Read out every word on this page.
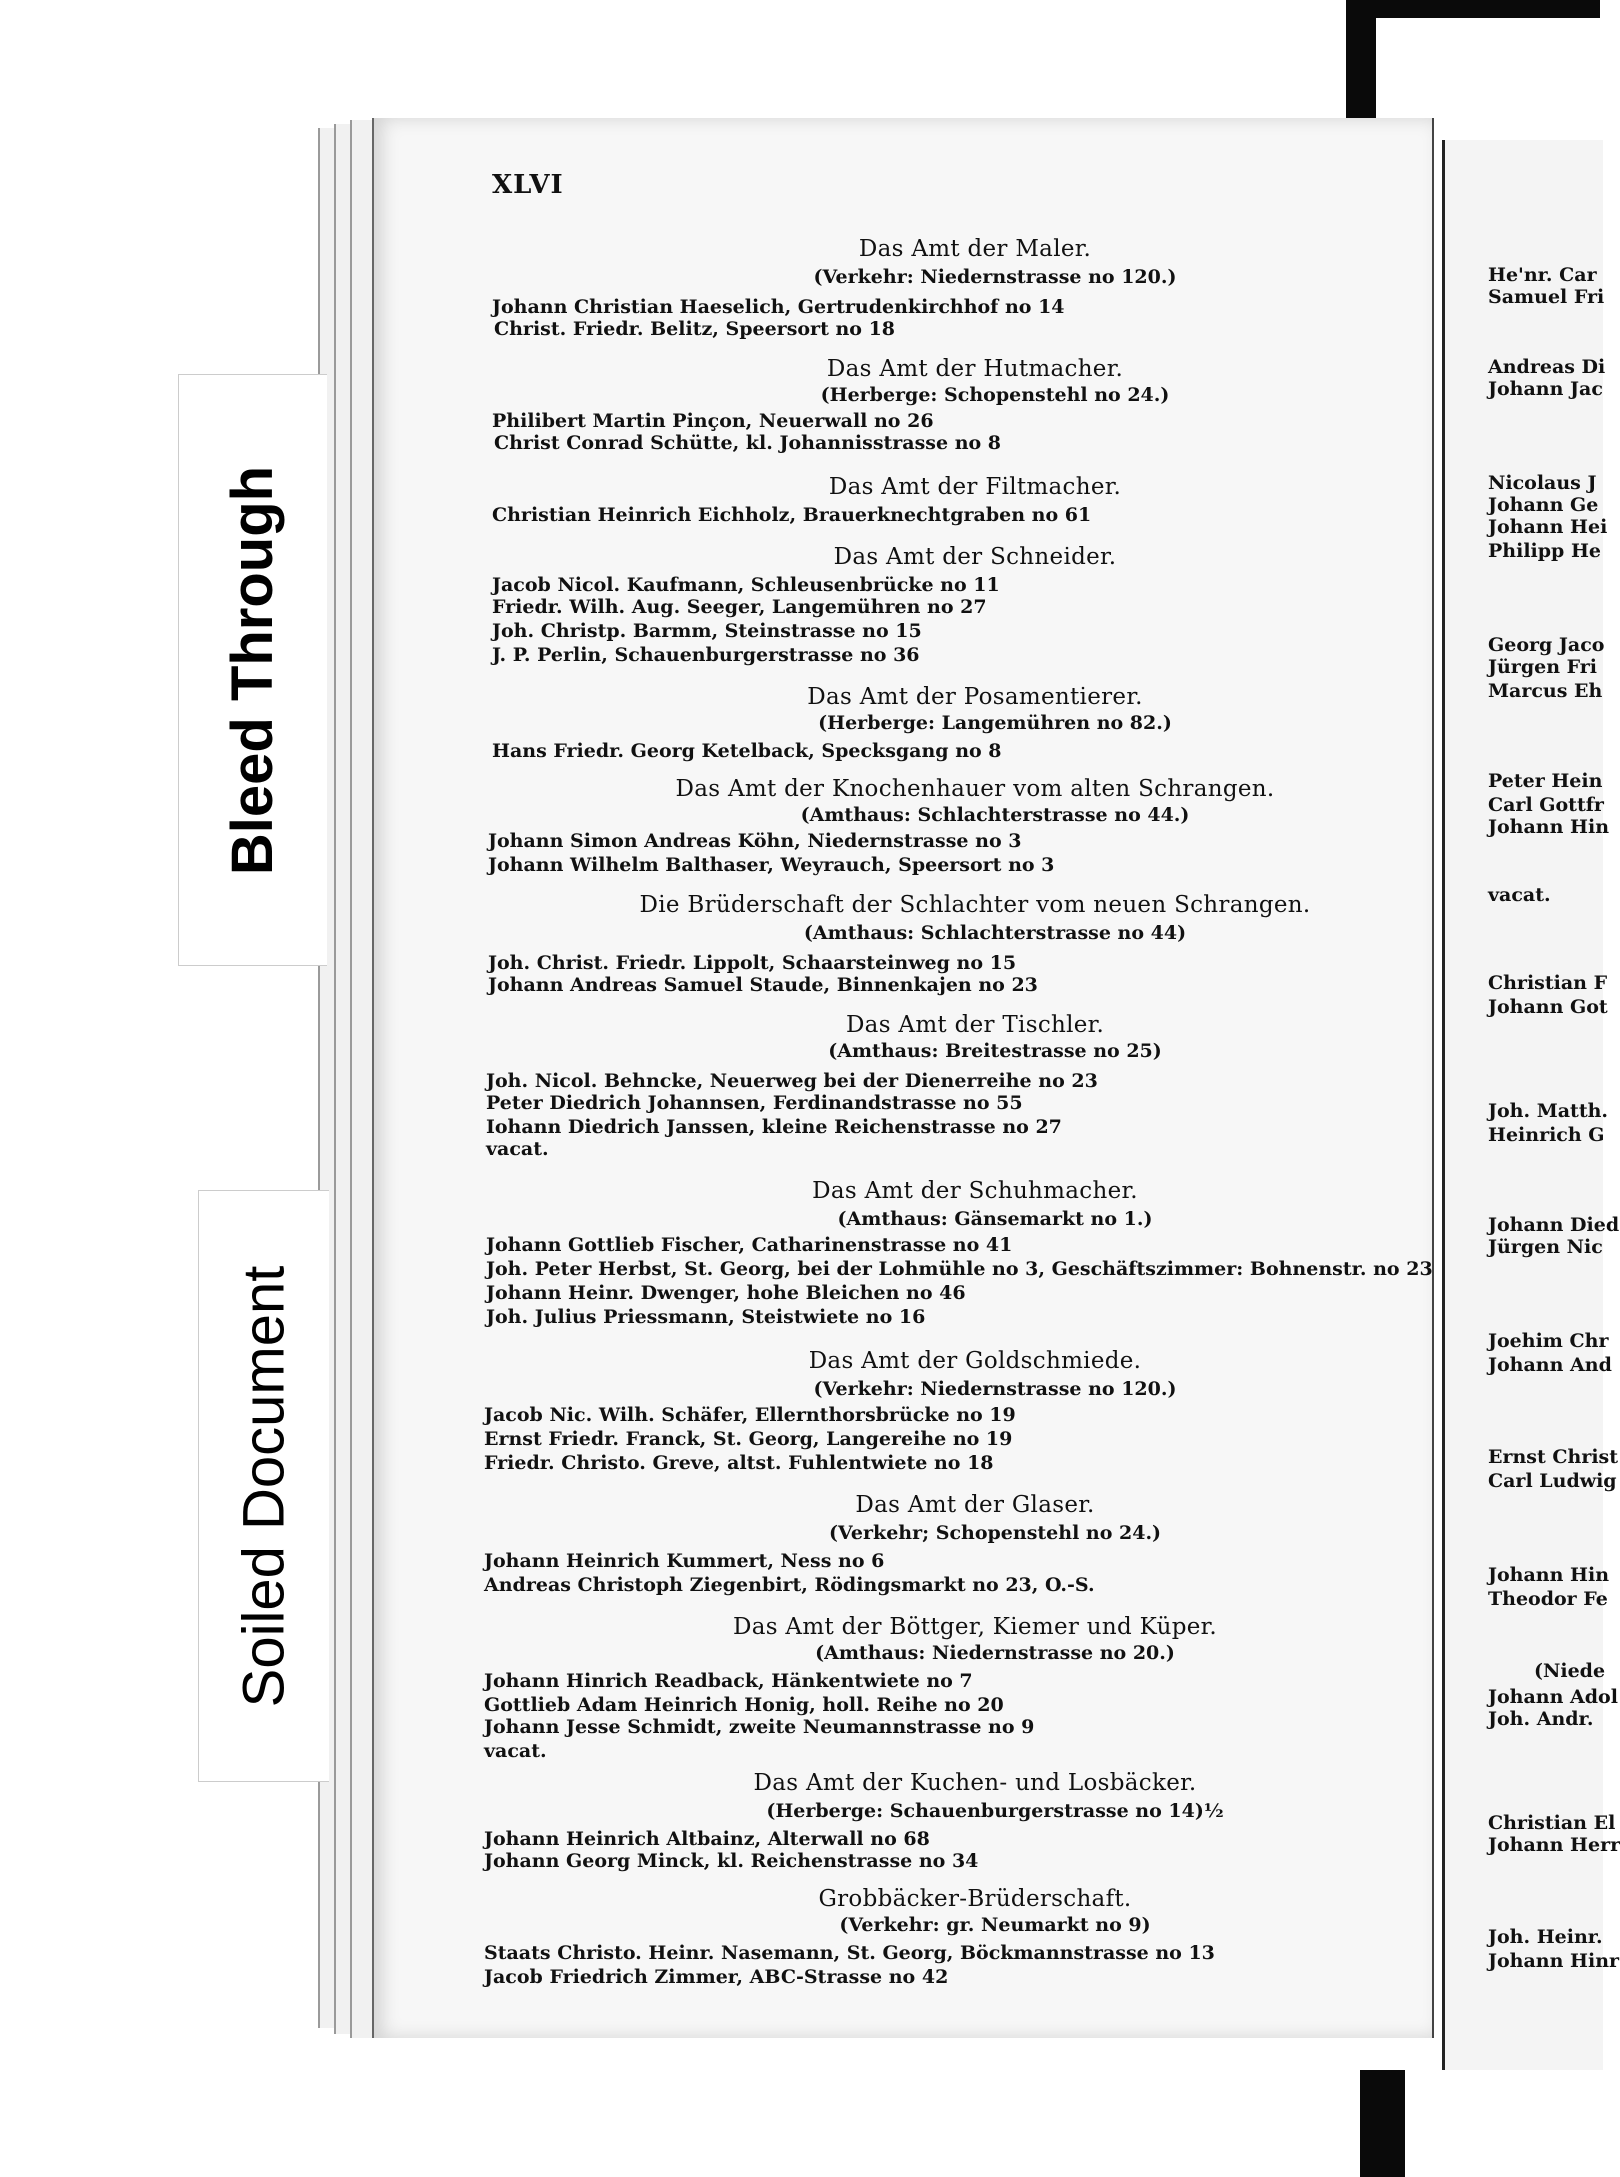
Bleed Through
Soiled Document
XLVI
Das Amt der Maler.
(Verkehr: Niedernstrasse no 120.)
Johann Christian Haeselich, Gertrudenkirchhof no 14
Christ. Friedr. Belitz, Speersort no 18
Das Amt der Hutmacher.
(Herberge: Schopenstehl no 24.)
Philibert Martin Pinçon, Neuerwall no 26
Christ Conrad Schütte, kl. Johannisstrasse no 8
Das Amt der Filtmacher.
Christian Heinrich Eichholz, Brauerknechtgraben no 61
Das Amt der Schneider.
Jacob Nicol. Kaufmann, Schleusenbrücke no 11
Friedr. Wilh. Aug. Seeger, Langemühren no 27
Joh. Christp. Barmm, Steinstrasse no 15
J. P. Perlin, Schauenburgerstrasse no 36
Das Amt der Posamentierer.
(Herberge: Langemühren no 82.)
Hans Friedr. Georg Ketelback, Specksgang no 8
Das Amt der Knochenhauer vom alten Schrangen.
(Amthaus: Schlachterstrasse no 44.)
Johann Simon Andreas Köhn, Niedernstrasse no 3
Johann Wilhelm Balthaser, Weyrauch, Speersort no 3
Die Brüderschaft der Schlachter vom neuen Schrangen.
(Amthaus: Schlachterstrasse no 44)
Joh. Christ. Friedr. Lippolt, Schaarsteinweg no 15
Johann Andreas Samuel Staude, Binnenkajen no 23
Das Amt der Tischler.
(Amthaus: Breitestrasse no 25)
Joh. Nicol. Behncke, Neuerweg bei der Dienerreihe no 23
Peter Diedrich Johannsen, Ferdinandstrasse no 55
Iohann Diedrich Janssen, kleine Reichenstrasse no 27
vacat.
Das Amt der Schuhmacher.
(Amthaus: Gänsemarkt no 1.)
Johann Gottlieb Fischer, Catharinenstrasse no 41
Joh. Peter Herbst, St. Georg, bei der Lohmühle no 3, Geschäftszimmer: Bohnenstr. no 23
Johann Heinr. Dwenger, hohe Bleichen no 46
Joh. Julius Priessmann, Steistwiete no 16
Das Amt der Goldschmiede.
(Verkehr: Niedernstrasse no 120.)
Jacob Nic. Wilh. Schäfer, Ellernthorsbrücke no 19
Ernst Friedr. Franck, St. Georg, Langereihe no 19
Friedr. Christo. Greve, altst. Fuhlentwiete no 18
Das Amt der Glaser.
(Verkehr; Schopenstehl no 24.)
Johann Heinrich Kummert, Ness no 6
Andreas Christoph Ziegenbirt, Rödingsmarkt no 23, O.-S.
Das Amt der Böttger, Kiemer und Küper.
(Amthaus: Niedernstrasse no 20.)
Johann Hinrich Readback, Hänkentwiete no 7
Gottlieb Adam Heinrich Honig, holl. Reihe no 20
Johann Jesse Schmidt, zweite Neumannstrasse no 9
vacat.
Das Amt der Kuchen- und Losbäcker.
(Herberge: Schauenburgerstrasse no 14)½
Johann Heinrich Altbainz, Alterwall no 68
Johann Georg Minck, kl. Reichenstrasse no 34
Grobbäcker-Brüderschaft.
(Verkehr: gr. Neumarkt no 9)
Staats Christo. Heinr. Nasemann, St. Georg, Böckmannstrasse no 13
Jacob Friedrich Zimmer, ABC-Strasse no 42
He'nr. Car
Samuel Fri
Andreas Di
Johann Jac
Nicolaus J
Johann Ge
Johann Hei
Philipp He
Georg Jaco
Jürgen Fri
Marcus Eh
Peter Hein
Carl Gottfr
Johann Hin
vacat.
Christian F
Johann Got
Joh. Matth.
Heinrich G
Johann Died
Jürgen Nic
Joehim Chr
Johann And
Ernst Christ
Carl Ludwig
Johann Hin
Theodor Fe
(Niede
Johann Adol
Joh. Andr.
Christian El
Johann Herr
Joh. Heinr.
Johann Hinr
